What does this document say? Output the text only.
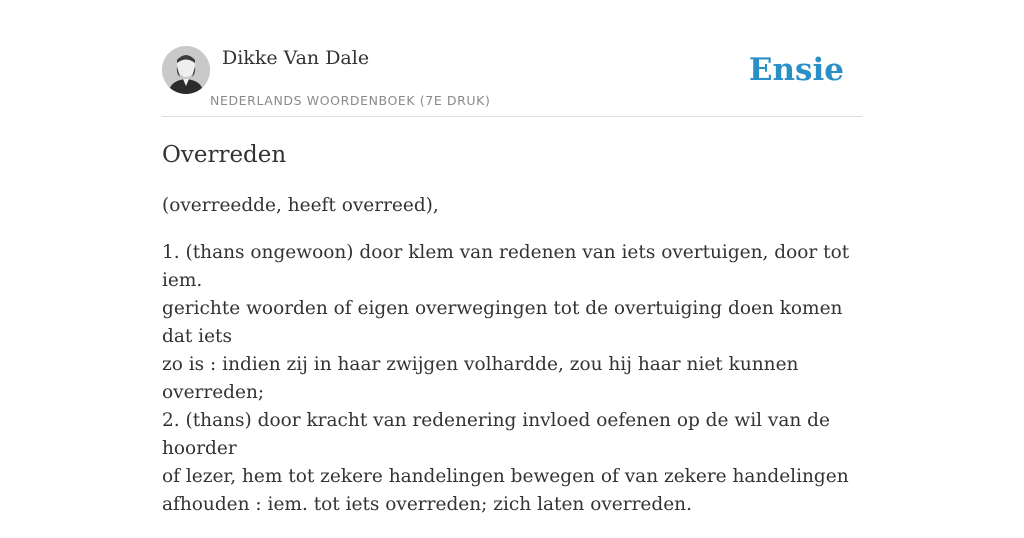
Dikke Van Dale
NEDERLANDS WOORDENBOEK (7E DRUK)
Ensie
Overreden

(overreedde, heeft overreed),

1. (thans ongewoon) door klem van redenen van iets overtuigen, door tot iem.
gerichte woorden of eigen overwegingen tot de overtuiging doen komen dat iets
zo is : indien zij in haar zwijgen volhardde, zou hij haar niet kunnen overreden;
2. (thans) door kracht van redenering invloed oefenen op de wil van de hoorder
of lezer, hem tot zekere handelingen bewegen of van zekere handelingen
afhouden : iem. tot iets overreden; zich laten overreden.
